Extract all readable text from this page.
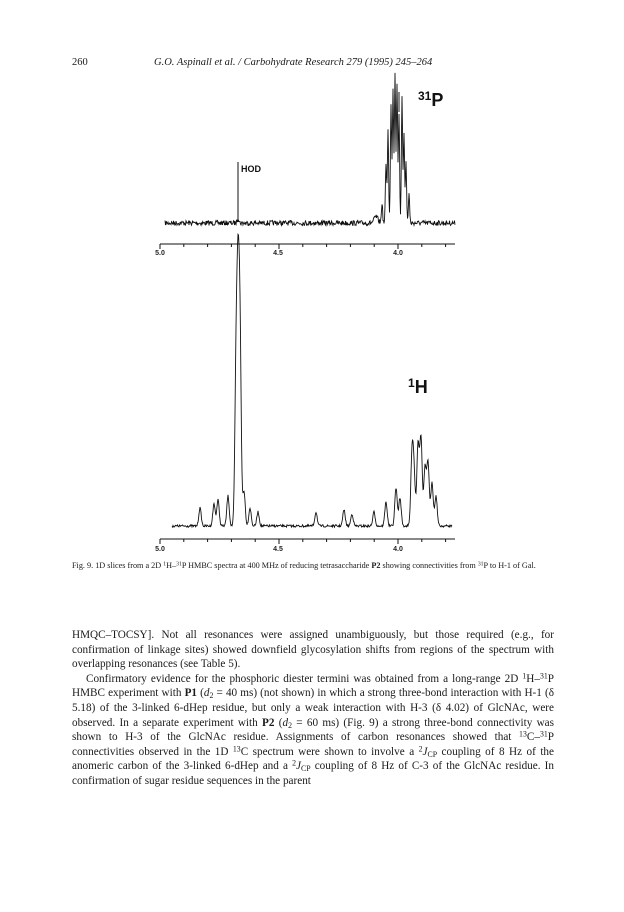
260	G.O. Aspinall et al. / Carbohydrate Research 279 (1995) 245–264
HOD
$^{31}$P
5.0	4.5	4.0
$^1$H
5.0	4.5	4.0
Fig. 9. 1D slices from a 2D $^1$H–$^{31}$P HMBC spectra at 400 MHz of reducing tetrasaccharide P2 showing connectivities from $^{31}$P to H-1 of Gal.

HMQC–TOCSY]. Not all resonances were assigned unambiguously, but those required (e.g., for confirmation of linkage sites) showed downfield glycosylation shifts from regions of the spectrum with overlapping resonances (see Table 5).

Confirmatory evidence for the phosphoric diester termini was obtained from a long-range 2D $^1$H–$^{31}$P HMBC experiment with P1 ($d_2 = 40$ ms) (not shown) in which a strong three-bond interaction with H-1 (δ 5.18) of the 3-linked 6-dHep residue, but only a weak interaction with H-3 (δ 4.02) of GlcNAc, were observed. In a separate experiment with P2 ($d_2 = 60$ ms) (Fig. 9) a strong three-bond connectivity was shown to H-3 of the GlcNAc residue. Assignments of carbon resonances showed that $^{13}$C–$^{31}$P connectivities observed in the 1D $^{13}$C spectrum were shown to involve a $^2J_{CP}$ coupling of 8 Hz of the anomeric carbon of the 3-linked 6-dHep and a $^2J_{CP}$ coupling of 8 Hz of C-3 of the GlcNAc residue. In confirmation of sugar residue sequences in the parent
